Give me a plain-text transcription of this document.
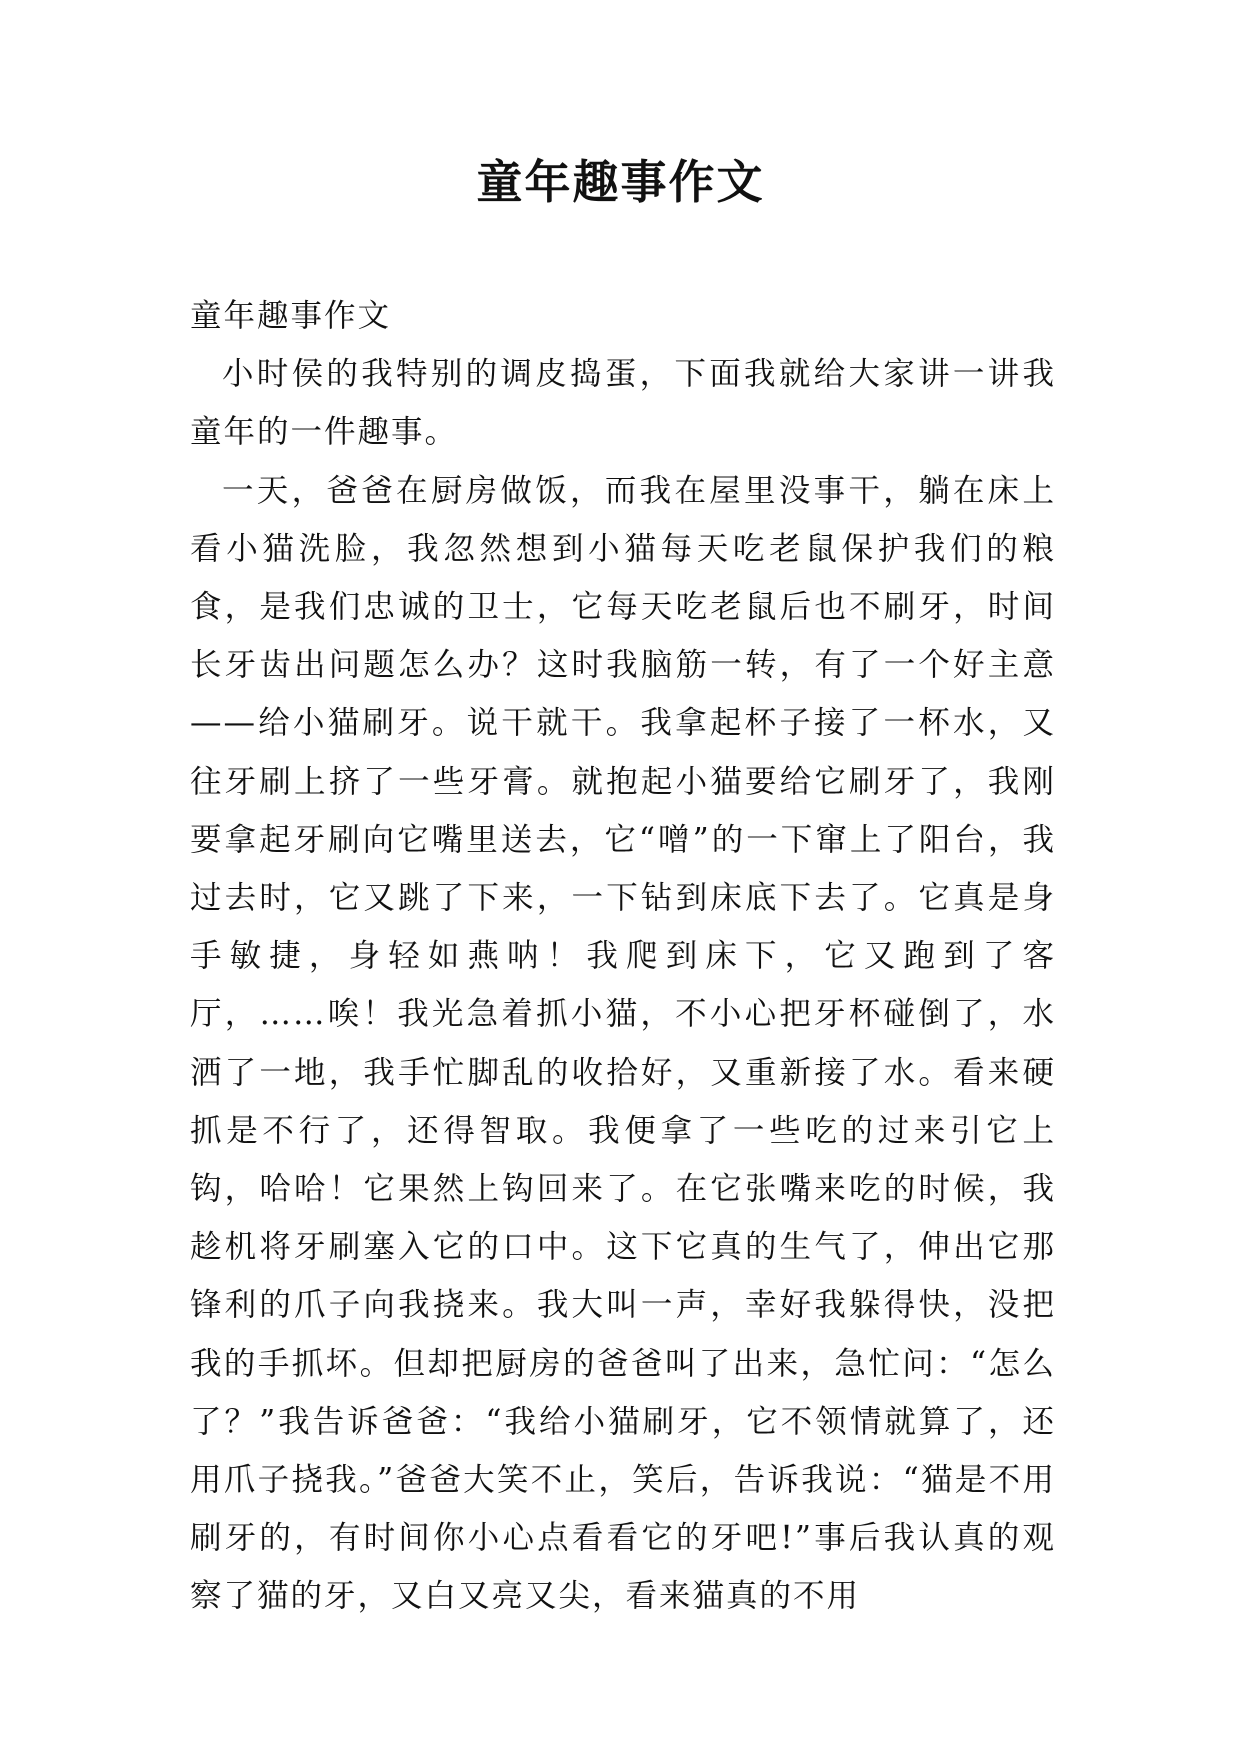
童年趣事作文

童年趣事作文

小时侯的我特别的调皮捣蛋，下面我就给大家讲一讲我童年的一件趣事。

一天，爸爸在厨房做饭，而我在屋里没事干，躺在床上看小猫洗脸，我忽然想到小猫每天吃老鼠保护我们的粮食，是我们忠诚的卫士，它每天吃老鼠后也不刷牙，时间长牙齿出问题怎么办？这时我脑筋一转，有了一个好主意——给小猫刷牙。说干就干。我拿起杯子接了一杯水，又往牙刷上挤了一些牙膏。就抱起小猫要给它刷牙了，我刚要拿起牙刷向它嘴里送去，它“噌”的一下窜上了阳台，我过去时，它又跳了下来，一下钻到床底下去了。它真是身手敏捷，身轻如燕呐！我爬到床下，它又跑到了客厅，……唉！我光急着抓小猫，不小心把牙杯碰倒了，水洒了一地，我手忙脚乱的收拾好，又重新接了水。看来硬抓是不行了，还得智取。我便拿了一些吃的过来引它上钩，哈哈！它果然上钩回来了。在它张嘴来吃的时候，我趁机将牙刷塞入它的口中。这下它真的生气了，伸出它那锋利的爪子向我挠来。我大叫一声，幸好我躲得快，没把我的手抓坏。但却把厨房的爸爸叫了出来，急忙问：“怎么了？”我告诉爸爸：“我给小猫刷牙，它不领情就算了，还用爪子挠我。”爸爸大笑不止，笑后，告诉我说：“猫是不用刷牙的，有时间你小心点看看它的牙吧!”事后我认真的观察了猫的牙，又白又亮又尖，看来猫真的不用
